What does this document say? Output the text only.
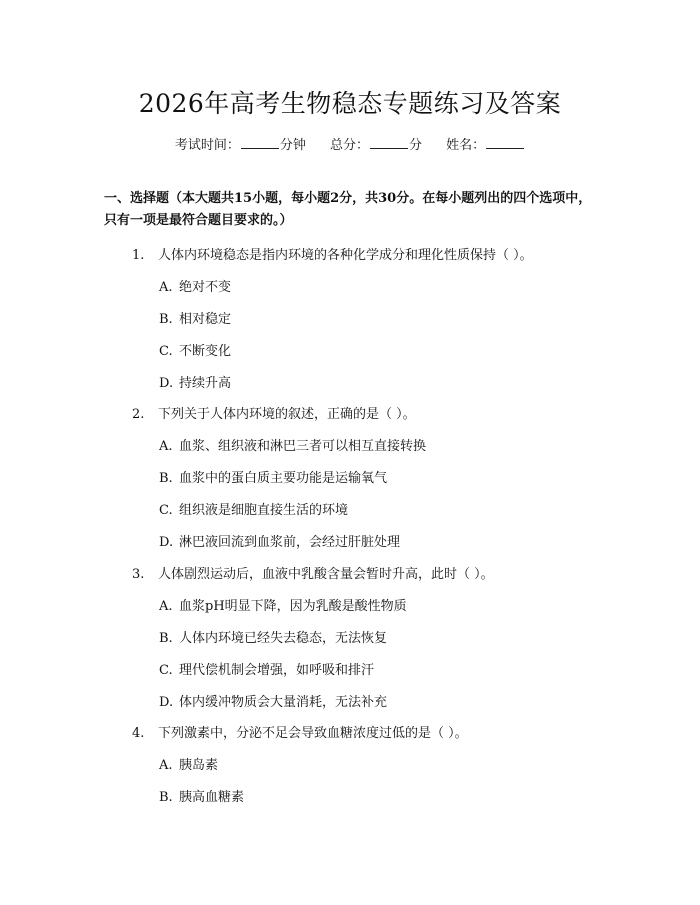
2026年高考生物稳态专题练习及答案
考试时间：	分钟 总分：	分 姓名：
一、选择题（本大题共15小题，每小题2分，共30分。在每小题列出的四个选项中，只有一项是最符合题目要求的。）
1. 人体内环境稳态是指内环境的各种化学成分和理化性质保持（ ）。
A. 绝对不变
B. 相对稳定
C. 不断变化
D. 持续升高
2. 下列关于人体内环境的叙述，正确的是（ ）。
A. 血浆、组织液和淋巴三者可以相互直接转换
B. 血浆中的蛋白质主要功能是运输氧气
C. 组织液是细胞直接生活的环境
D. 淋巴液回流到血浆前，会经过肝脏处理
3. 人体剧烈运动后，血液中乳酸含量会暂时升高，此时（ ）。
A. 血浆pH明显下降，因为乳酸是酸性物质
B. 人体内环境已经失去稳态，无法恢复
C. 理代偿机制会增强，如呼吸和排汗
D. 体内缓冲物质会大量消耗，无法补充
4. 下列激素中，分泌不足会导致血糖浓度过低的是（ ）。
A. 胰岛素
B. 胰高血糖素
